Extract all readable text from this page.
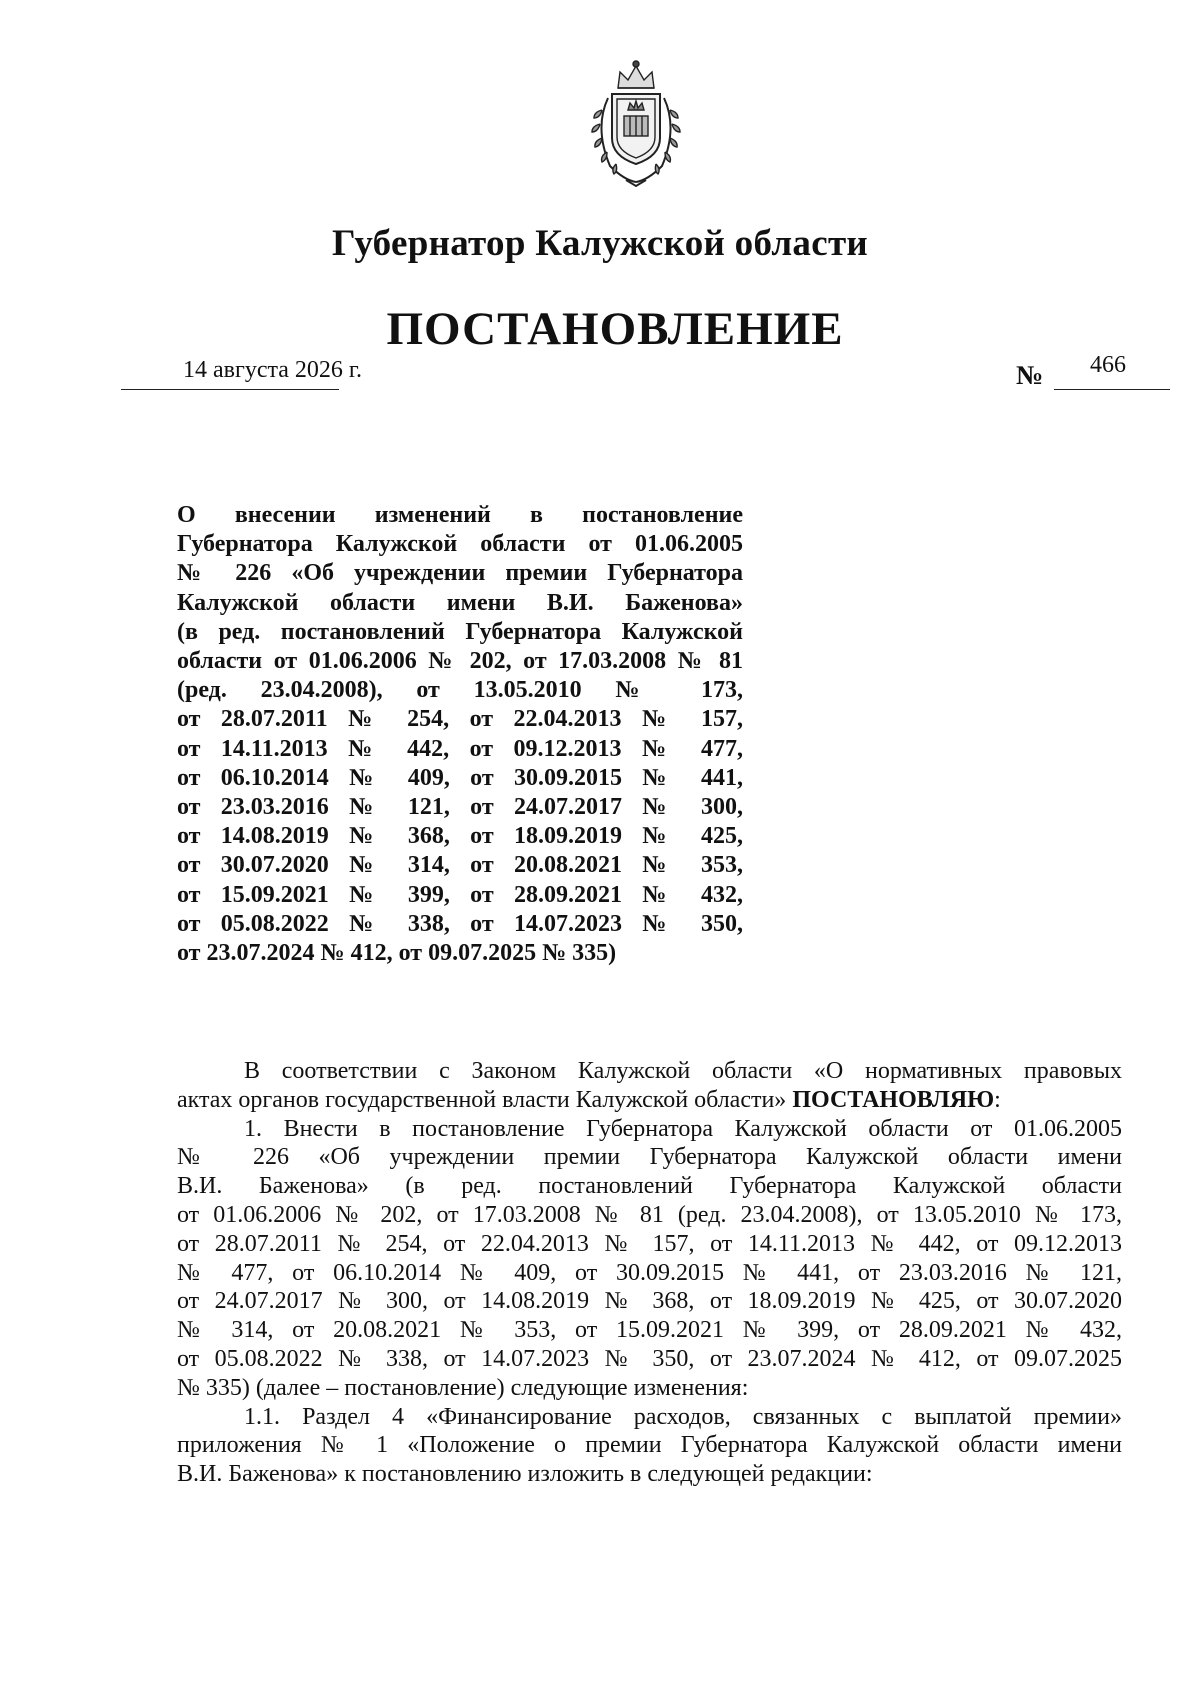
Губернатор Калужской области
ПОСТАНОВЛЕНИЕ
14 августа 2026 г.	№ 466
О внесении изменений в постановление
Губернатора Калужской области от 01.06.2005
№ 226 «Об учреждении премии Губернатора
Калужской области имени В.И. Баженова»
(в ред. постановлений Губернатора Калужской
области от 01.06.2006 № 202, от 17.03.2008 № 81
(ред. 23.04.2008), от 13.05.2010 № 173,
от 28.07.2011 № 254, от 22.04.2013 № 157,
от 14.11.2013 № 442, от 09.12.2013 № 477,
от 06.10.2014 № 409, от 30.09.2015 № 441,
от 23.03.2016 № 121, от 24.07.2017 № 300,
от 14.08.2019 № 368, от 18.09.2019 № 425,
от 30.07.2020 № 314, от 20.08.2021 № 353,
от 15.09.2021 № 399, от 28.09.2021 № 432,
от 05.08.2022 № 338, от 14.07.2023 № 350,
от 23.07.2024 № 412, от 09.07.2025 № 335)
В соответствии с Законом Калужской области «О нормативных правовых
актах органов государственной власти Калужской области» ПОСТАНОВЛЯЮ:
1. Внести в постановление Губернатора Калужской области от 01.06.2005
№ 226 «Об учреждении премии Губернатора Калужской области имени
В.И. Баженова» (в ред. постановлений Губернатора Калужской области
от 01.06.2006 № 202, от 17.03.2008 № 81 (ред. 23.04.2008), от 13.05.2010 № 173,
от 28.07.2011 № 254, от 22.04.2013 № 157, от 14.11.2013 № 442, от 09.12.2013
№ 477, от 06.10.2014 № 409, от 30.09.2015 № 441, от 23.03.2016 № 121,
от 24.07.2017 № 300, от 14.08.2019 № 368, от 18.09.2019 № 425, от 30.07.2020
№ 314, от 20.08.2021 № 353, от 15.09.2021 № 399, от 28.09.2021 № 432,
от 05.08.2022 № 338, от 14.07.2023 № 350, от 23.07.2024 № 412, от 09.07.2025
№ 335) (далее – постановление) следующие изменения:
1.1. Раздел 4 «Финансирование расходов, связанных с выплатой премии»
приложения № 1 «Положение о премии Губернатора Калужской области имени
В.И. Баженова» к постановлению изложить в следующей редакции:
